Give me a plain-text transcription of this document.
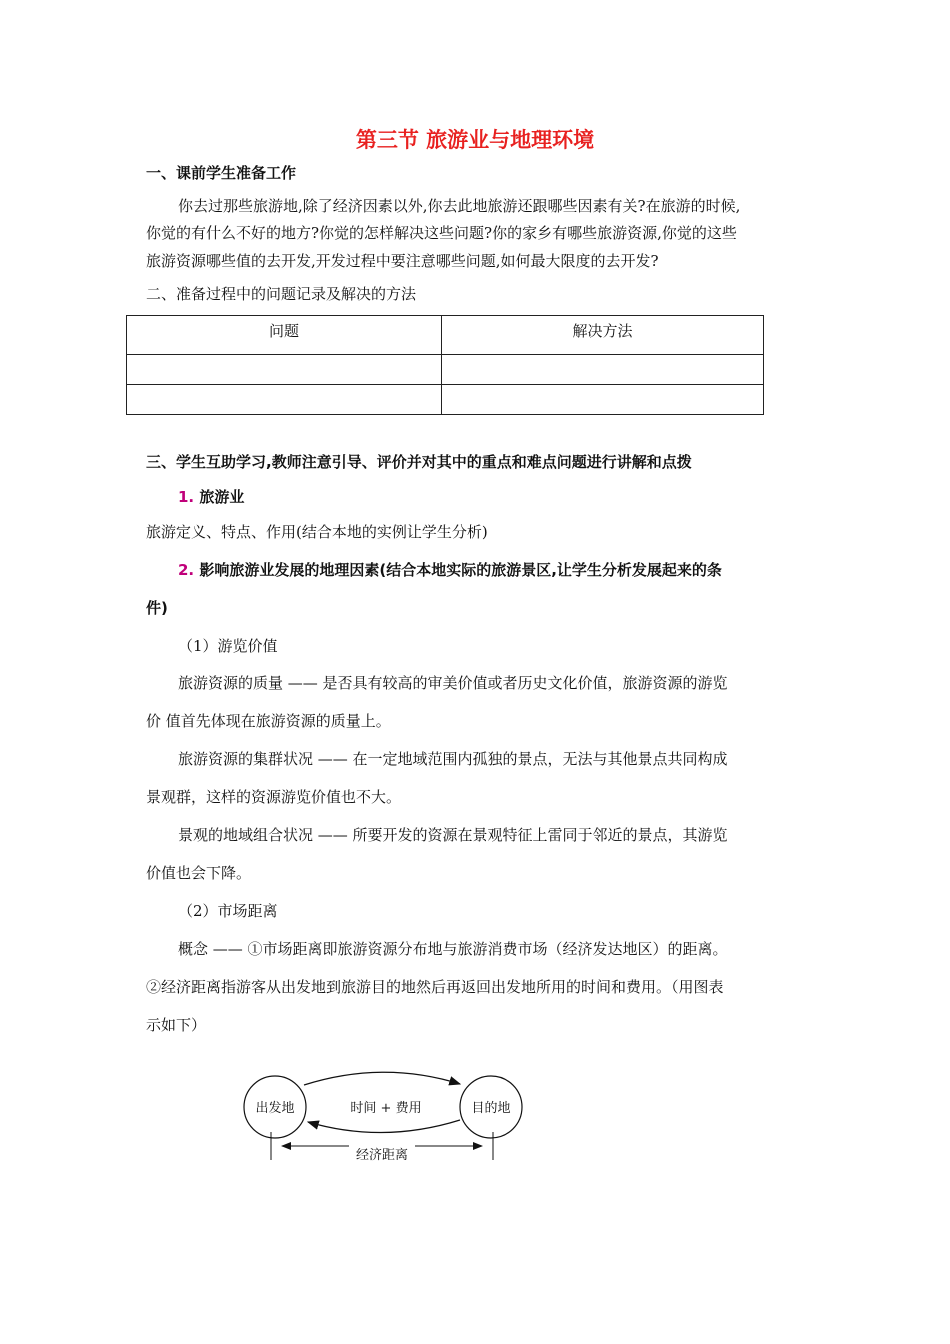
第三节 旅游业与地理环境
一、课前学生准备工作
你去过那些旅游地,除了经济因素以外,你去此地旅游还跟哪些因素有关?在旅游的时候,
你觉的有什么不好的地方?你觉的怎样解决这些问题?你的家乡有哪些旅游资源,你觉的这些
旅游资源哪些值的去开发,开发过程中要注意哪些问题,如何最大限度的去开发?
二、准备过程中的问题记录及解决的方法
问题	解决方法

三、学生互助学习,教师注意引导、评价并对其中的重点和难点问题进行讲解和点拨
1. 旅游业
旅游定义、特点、作用(结合本地的实例让学生分析)
2. 影响旅游业发展的地理因素(结合本地实际的旅游景区,让学生分析发展起来的条
件)
（1）游览价值
旅游资源的质量 —— 是否具有较高的审美价值或者历史文化价值，旅游资源的游览
价 值首先体现在旅游资源的质量上。
旅游资源的集群状况 —— 在一定地域范围内孤独的景点，无法与其他景点共同构成
景观群，这样的资源游览价值也不大。
景观的地域组合状况 —— 所要开发的资源在景观特征上雷同于邻近的景点，其游览
价值也会下降。
（2）市场距离
概念 —— ①市场距离即旅游资源分布地与旅游消费市场（经济发达地区）的距离。
②经济距离指游客从出发地到旅游目的地然后再返回出发地所用的时间和费用。（用图表
示如下）
出发地	目的地
时间 + 费用
经济距离
